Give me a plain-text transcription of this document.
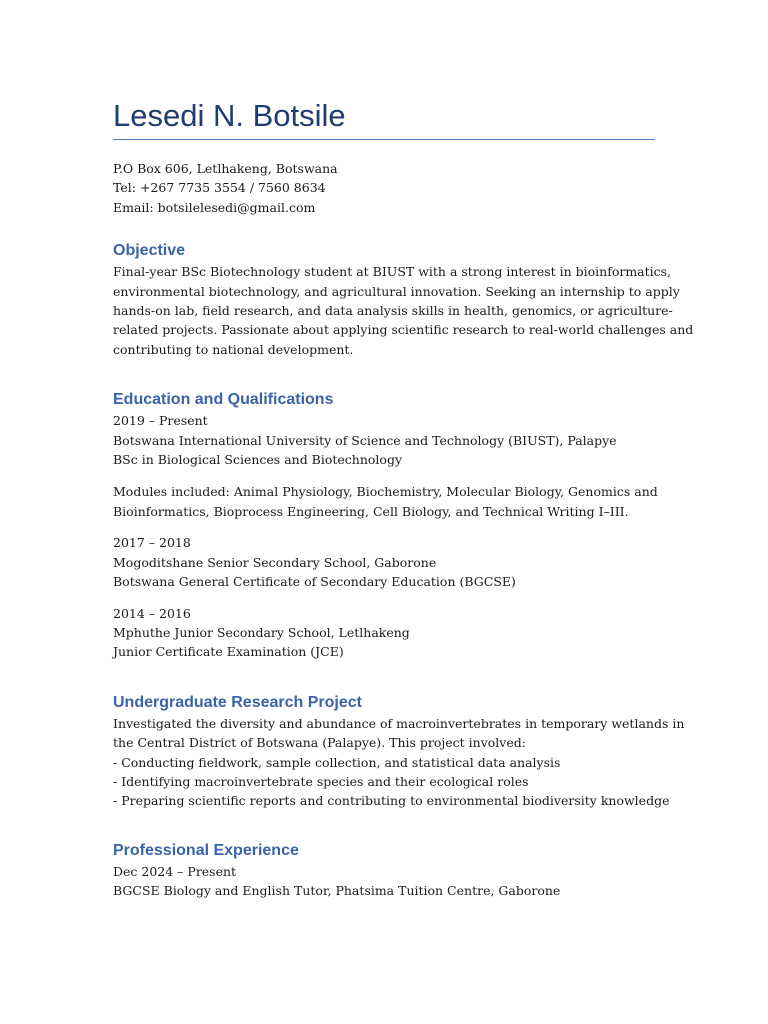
Lesedi N. Botsile
P.O Box 606, Letlhakeng, Botswana
Tel: +267 7735 3554 / 7560 8634
Email: botsilelesedi@gmail.com
Objective
Final-year BSc Biotechnology student at BIUST with a strong interest in bioinformatics,
environmental biotechnology, and agricultural innovation. Seeking an internship to apply
hands-on lab, field research, and data analysis skills in health, genomics, or agriculture-
related projects. Passionate about applying scientific research to real-world challenges and
contributing to national development.
Education and Qualifications
2019 – Present
Botswana International University of Science and Technology (BIUST), Palapye
BSc in Biological Sciences and Biotechnology
Modules included: Animal Physiology, Biochemistry, Molecular Biology, Genomics and
Bioinformatics, Bioprocess Engineering, Cell Biology, and Technical Writing I–III.
2017 – 2018
Mogoditshane Senior Secondary School, Gaborone
Botswana General Certificate of Secondary Education (BGCSE)
2014 – 2016
Mphuthe Junior Secondary School, Letlhakeng
Junior Certificate Examination (JCE)
Undergraduate Research Project
Investigated the diversity and abundance of macroinvertebrates in temporary wetlands in
the Central District of Botswana (Palapye). This project involved:
- Conducting fieldwork, sample collection, and statistical data analysis
- Identifying macroinvertebrate species and their ecological roles
- Preparing scientific reports and contributing to environmental biodiversity knowledge
Professional Experience
Dec 2024 – Present
BGCSE Biology and English Tutor, Phatsima Tuition Centre, Gaborone
